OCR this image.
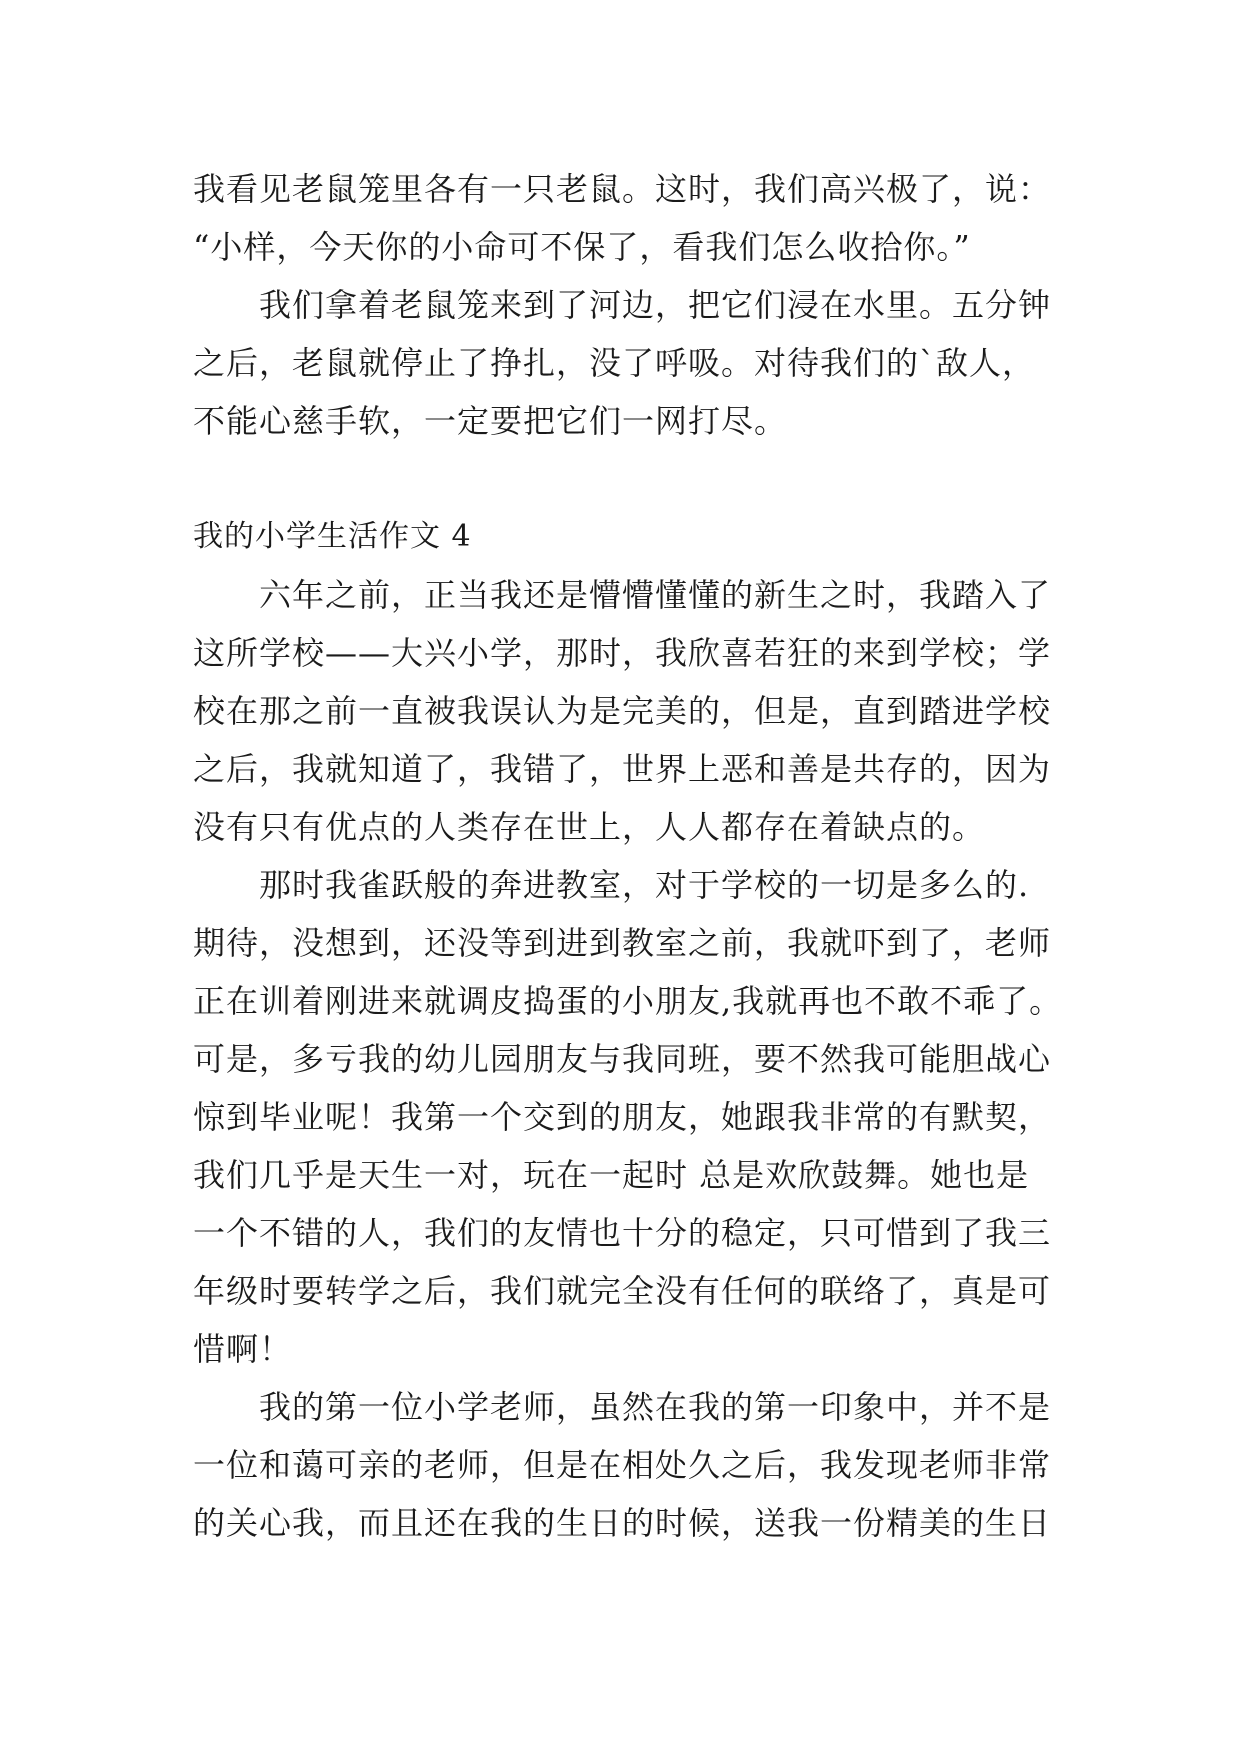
我看见老鼠笼里各有一只老鼠。这时，我们高兴极了，说：
“小样，今天你的小命可不保了，看我们怎么收拾你。”
　　我们拿着老鼠笼来到了河边，把它们浸在水里。五分钟
之后，老鼠就停止了挣扎，没了呼吸。对待我们的`敌人，
不能心慈手软，一定要把它们一网打尽。
我的小学生活作文 4
　　六年之前，正当我还是懵懵懂懂的新生之时，我踏入了
这所学校——大兴小学，那时，我欣喜若狂的来到学校；学
校在那之前一直被我误认为是完美的，但是，直到踏进学校
之后，我就知道了，我错了，世界上恶和善是共存的，因为
没有只有优点的人类存在世上，人人都存在着缺点的。
　　那时我雀跃般的奔进教室，对于学校的一切是多么的.
期待，没想到，还没等到进到教室之前，我就吓到了，老师
正在训着刚进来就调皮捣蛋的小朋友,我就再也不敢不乖了。
可是，多亏我的幼儿园朋友与我同班，要不然我可能胆战心
惊到毕业呢！我第一个交到的朋友，她跟我非常的有默契，
我们几乎是天生一对，玩在一起时 总是欢欣鼓舞。她也是
一个不错的人，我们的友情也十分的稳定，只可惜到了我三
年级时要转学之后，我们就完全没有任何的联络了，真是可
惜啊！
　　我的第一位小学老师，虽然在我的第一印象中，并不是
一位和蔼可亲的老师，但是在相处久之后，我发现老师非常
的关心我，而且还在我的生日的时候，送我一份精美的生日
